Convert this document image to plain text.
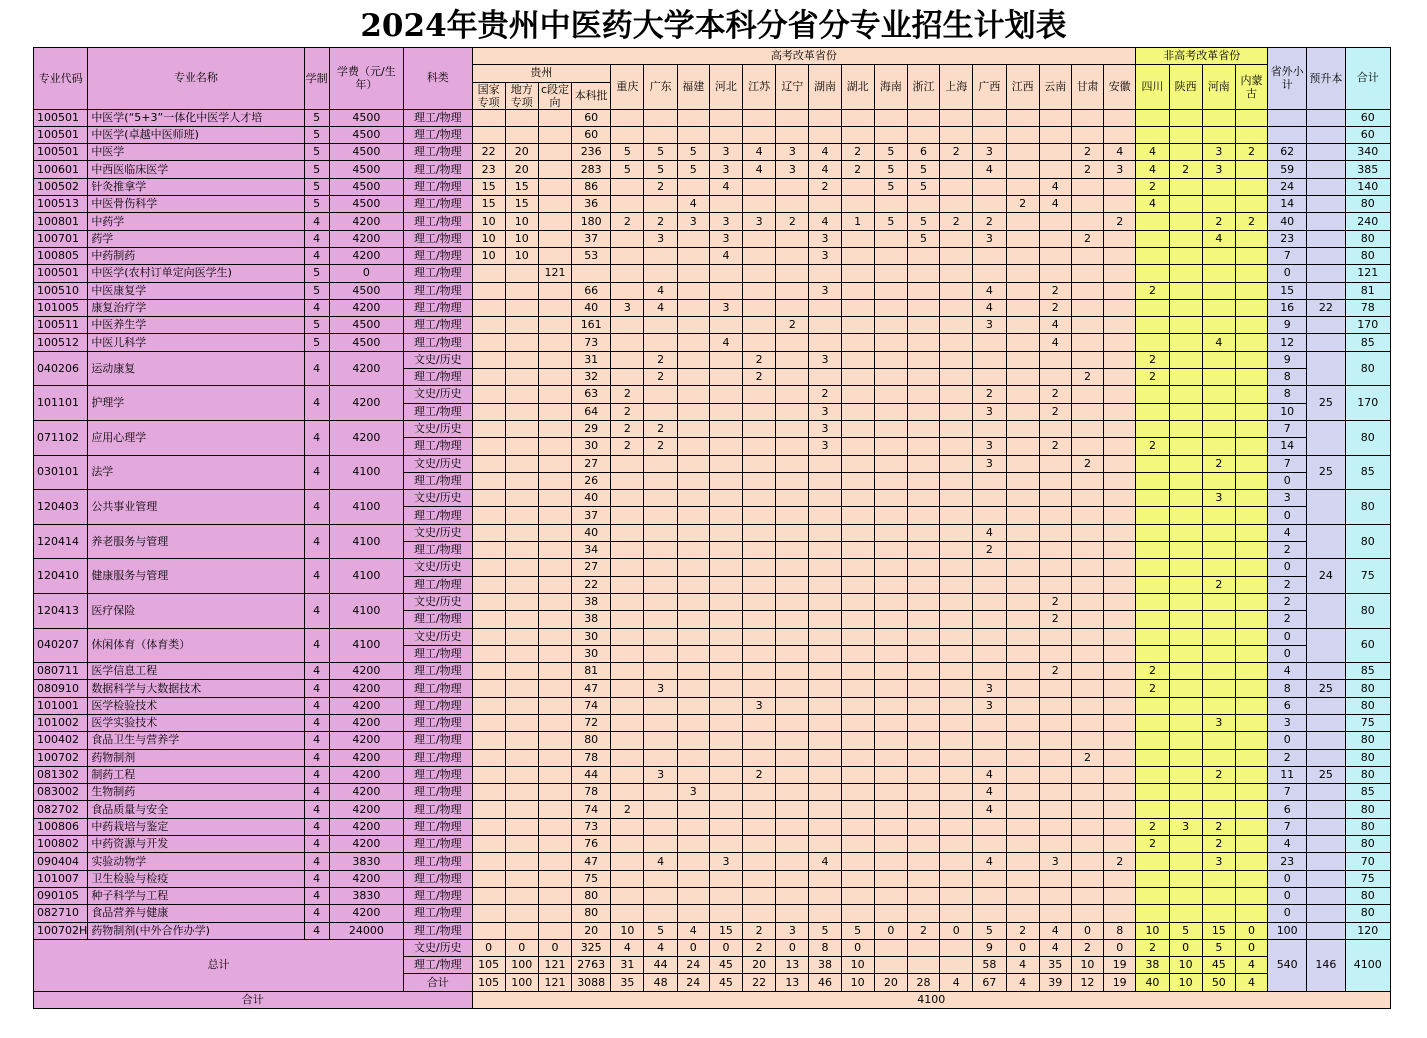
2024年贵州中医药大学本科分省分专业招生计划表
专业代码	专业名称	学制	学费（元/生年）	科类	高考改革省份																				非高考改革省份				省外小计	预升本	合计
					贵州				重庆	广东	福建	河北	江苏	辽宁	湖南	湖北	海南	浙江	上海	广西	江西	云南	甘肃	安徽	四川	陕西	河南	内蒙古			
					国家专项	地方专项	c段定向	本科批																							
100501	中医学(“5+3”一体化中医学人才培	5	4500	理工/物理				60																							60
100501	中医学(卓越中医师班)	5	4500	理工/物理				60																							60
100501	中医学	5	4500	理工/物理	22	20		236	5	5	5	3	4	3	4	2	5	6	2	3			2	4	4		3	2	62		340
100601	中西医临床医学	5	4500	理工/物理	23	20		283	5	5	5	3	4	3	4	2	5	5		4			2	3	4	2	3		59		385
100502	针灸推拿学	5	4500	理工/物理	15	15		86		2		4			2		5	5				4			2				24		140
100513	中医骨伤科学	5	4500	理工/物理	15	15		36			4										2	4			4				14		80
100801	中药学	4	4200	理工/物理	10	10		180	2	2	3	3	3	2	4	1	5	5	2	2				2			2	2	40		240
100701	药学	4	4200	理工/物理	10	10		37		3		3			3			5		3			2				4		23		80
100805	中药制药	4	4200	理工/物理	10	10		53				4			3														7		80
100501	中医学(农村订单定向医学生)	5	0	理工/物理			121																						0		121
100510	中医康复学	5	4500	理工/物理				66		4					3					4		2			2				15		81
101005	康复治疗学	4	4200	理工/物理				40	3	4		3								4		2							16	22	78
100511	中医养生学	5	4500	理工/物理				161						2						3		4							9		170
100512	中医儿科学	5	4500	理工/物理				73				4										4					4		12		85
040206	运动康复	4	4200	文史/历史				31		2			2		3										2				9		80
				理工/物理				32		2			2										2		2				8		
101101	护理学	4	4200	文史/历史				63	2						2					2		2							8	25	170
				理工/物理				64	2						3					3		2							10		
071102	应用心理学	4	4200	文史/历史				29	2	2					3														7		80
				理工/物理				30	2	2					3					3		2			2				14		
030101	法学	4	4100	文史/历史				27												3			2				2		7	25	85
				理工/物理				26																					0		
120403	公共事业管理	4	4100	文史/历史				40																			3		3		80
				理工/物理				37																					0		
120414	养老服务与管理	4	4100	文史/历史				40												4									4		80
				理工/物理				34												2									2		
120410	健康服务与管理	4	4100	文史/历史				27																					0	24	75
				理工/物理				22																			2		2		
120413	医疗保险	4	4100	文史/历史				38														2							2		80
				理工/物理				38														2							2		
040207	休闲体育（体育类）	4	4100	文史/历史				30																					0		60
				理工/物理				30																					0		
080711	医学信息工程	4	4200	理工/物理				81														2			2				4		85
080910	数据科学与大数据技术	4	4200	理工/物理				47		3										3					2				8	25	80
101001	医学检验技术	4	4200	理工/物理				74					3							3									6		80
101002	医学实验技术	4	4200	理工/物理				72																			3		3		75
100402	食品卫生与营养学	4	4200	理工/物理				80																					0		80
100702	药物制剂	4	4200	理工/物理				78															2						2		80
081302	制药工程	4	4200	理工/物理				44		3			2							4							2		11	25	80
083002	生物制药	4	4200	理工/物理				78			3									4									7		85
082702	食品质量与安全	4	4200	理工/物理				74	2											4									6		80
100806	中药栽培与鉴定	4	4200	理工/物理				73																	2	3	2		7		80
100802	中药资源与开发	4	4200	理工/物理				76																	2		2		4		80
090404	实验动物学	4	3830	理工/物理				47		4		3			4					4		3		2			3		23		70
101007	卫生检验与检疫	4	4200	理工/物理				75																					0		75
090105	种子科学与工程	4	3830	理工/物理				80																					0		80
082710	食品营养与健康	4	4200	理工/物理				80																					0		80
100702H	药物制剂(中外合作办学)	4	24000	理工/物理				20	10	5	4	15	2	3	5	5	0	2	0	5	2	4	0	8	10	5	15	0	100		120
总计				文史/历史	0	0	0	325	4	4	0	0	2	0	8	0				9	0	4	2	0	2	0	5	0	540	146	4100
				理工/物理	105	100	121	2763	31	44	24	45	20	13	38	10				58	4	35	10	19	38	10	45	4			
				合计	105	100	121	3088	35	48	24	45	22	13	46	10	20	28	4	67	4	39	12	19	40	10	50	4			
合计					4100																										
